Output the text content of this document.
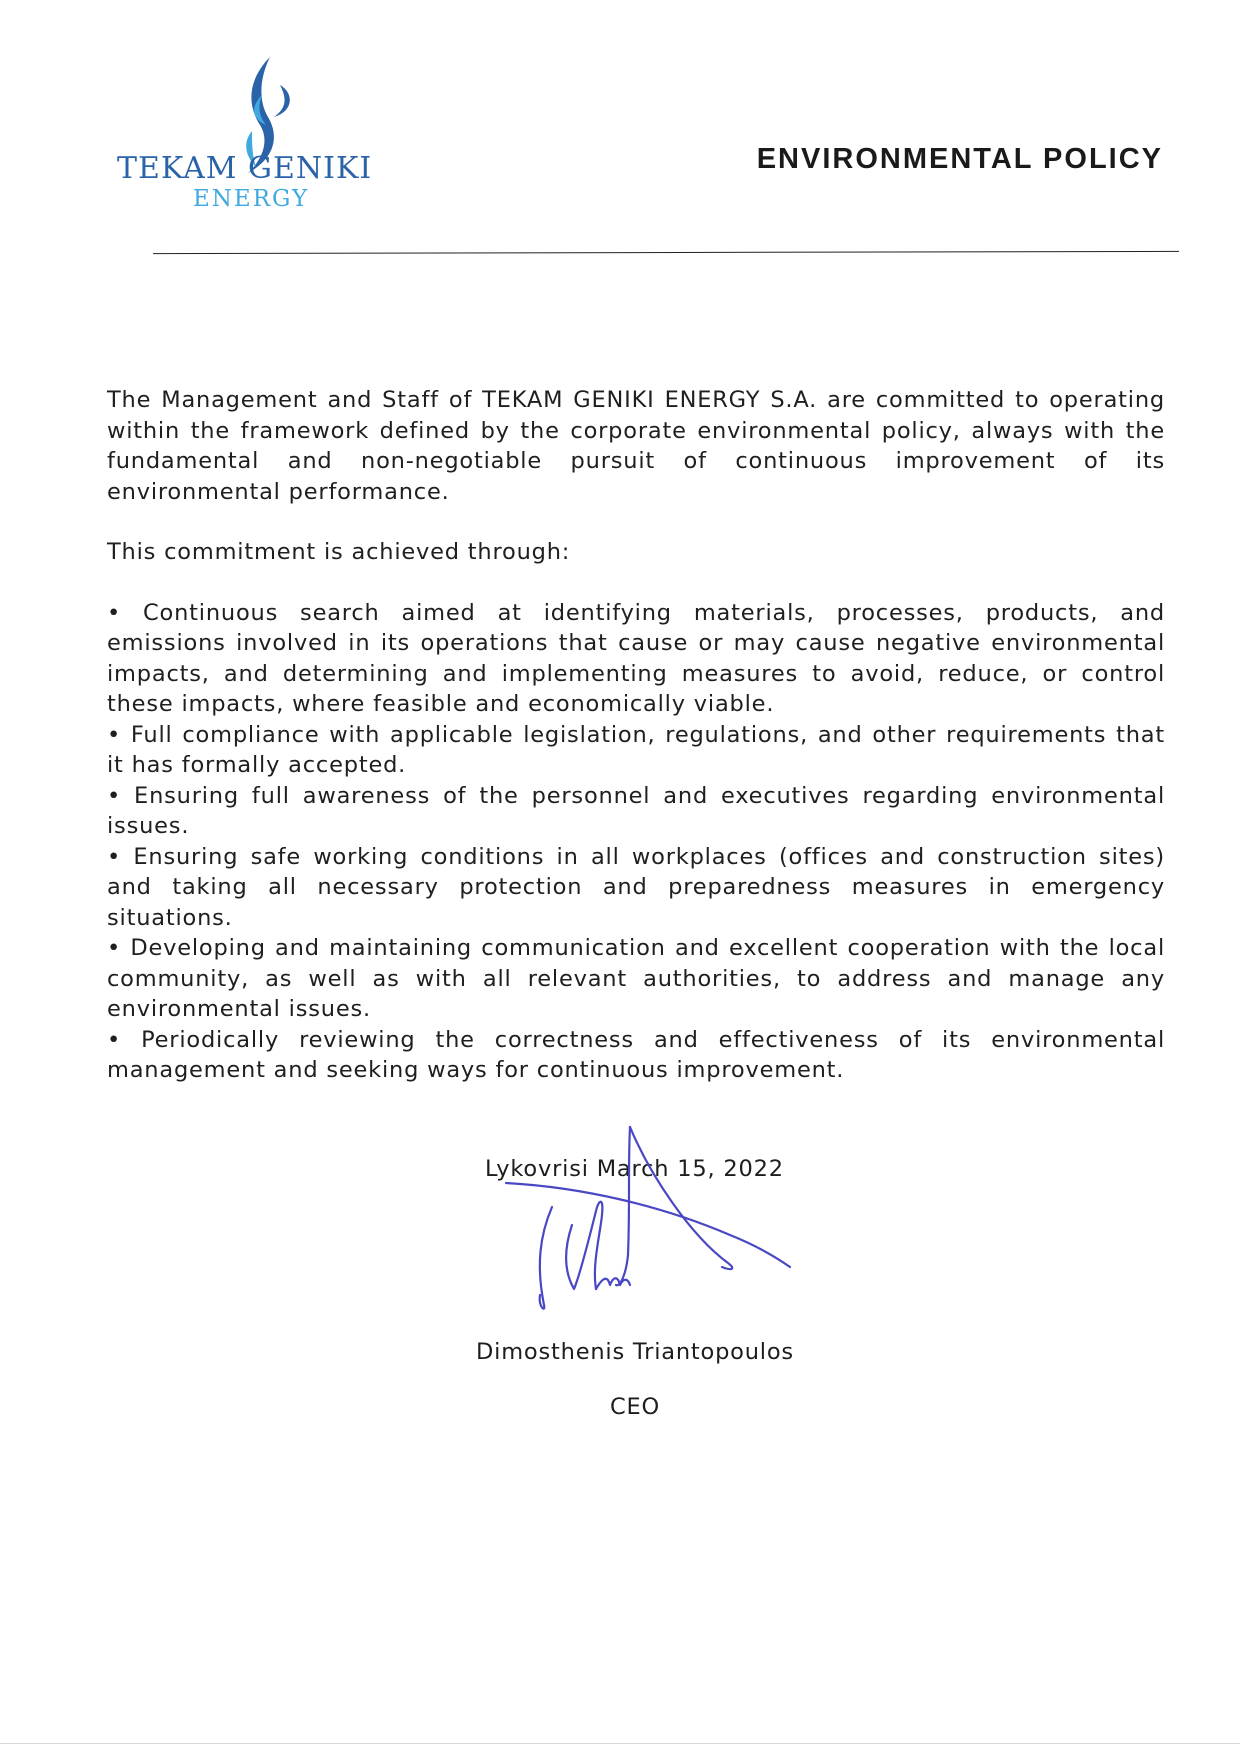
TEKAM GENIKI
ENERGY
ENVIRONMENTAL POLICY

The Management and Staff of TEKAM GENIKI ENERGY S.A. are committed to operating within the framework defined by the corporate environmental policy, always with the fundamental and non-negotiable pursuit of continuous improvement of its environmental performance.

This commitment is achieved through:

• Continuous search aimed at identifying materials, processes, products, and emissions involved in its operations that cause or may cause negative environmental impacts, and determining and implementing measures to avoid, reduce, or control these impacts, where feasible and economically viable.

• Full compliance with applicable legislation, regulations, and other requirements that it has formally accepted.

• Ensuring full awareness of the personnel and executives regarding environmental issues.

• Ensuring safe working conditions in all workplaces (offices and construction sites) and taking all necessary protection and preparedness measures in emergency situations.

• Developing and maintaining communication and excellent cooperation with the local community, as well as with all relevant authorities, to address and manage any environmental issues.

• Periodically reviewing the correctness and effectiveness of its environmental management and seeking ways for continuous improvement.

Lykovrisi March 15, 2022
Dimosthenis Triantopoulos
CEO
